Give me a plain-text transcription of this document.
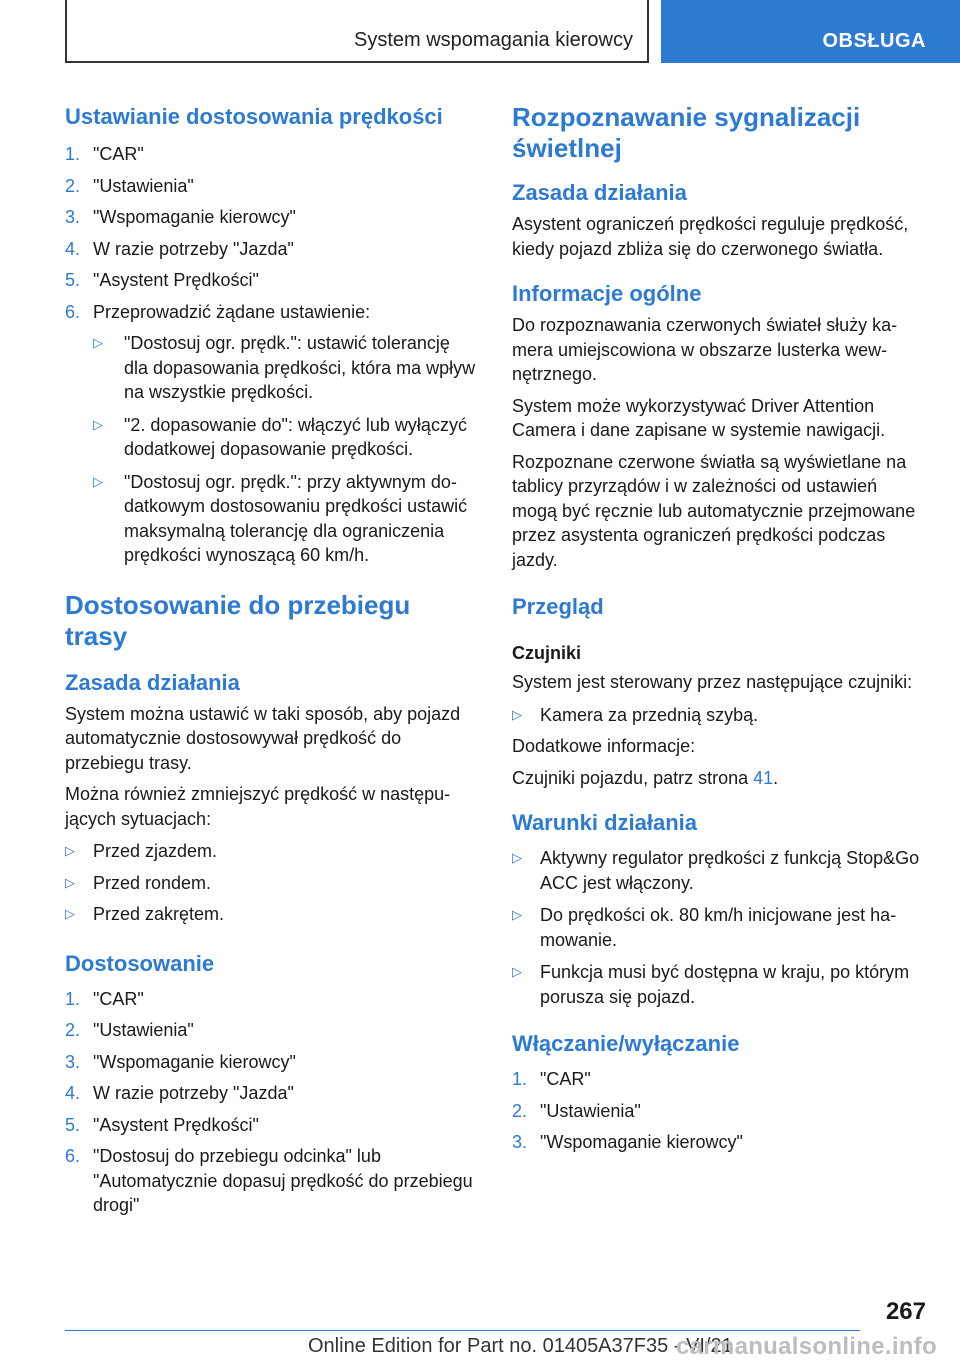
System wspomagania kierowcy	OBSŁUGA
Ustawianie dostosowania prędkości
1. "CAR"
2. "Ustawienia"
3. "Wspomaganie kierowcy"
4. W razie potrzeby "Jazda"
5. "Asystent Prędkości"
6. Przeprowadzić żądane ustawienie:
▷ "Dostosuj ogr. prędk.": ustawić tolerancję dla dopasowania prędkości, która ma wpływ na wszystkie prędkości.
▷ "2. dopasowanie do": włączyć lub wyłączyć dodatkowej dopasowanie prędkości.
▷ "Dostosuj ogr. prędk.": przy aktywnym dodatkowym dostosowaniu prędkości ustawić maksymalną tolerancję dla ograniczenia prędkości wynoszącą 60 km/h.
Dostosowanie do przebiegu trasy
Zasada działania

System można ustawić w taki sposób, aby pojazd automatycznie dostosowywał prędkość do przebiegu trasy.

Można również zmniejszyć prędkość w następujących sytuacjach:

▷ Przed zjazdem.
▷ Przed rondem.
▷ Przed zakrętem.
Dostosowanie
1. "CAR"
2. "Ustawienia"
3. "Wspomaganie kierowcy"
4. W razie potrzeby "Jazda"
5. "Asystent Prędkości"
6. "Dostosuj do przebiegu odcinka" lub "Automatycznie dopasuj prędkość do przebiegu drogi"
Rozpoznawanie sygnalizacji świetlnej
Zasada działania

Asystent ograniczeń prędkości reguluje prędkość, kiedy pojazd zbliża się do czerwonego światła.

Informacje ogólne

Do rozpoznawania czerwonych świateł służy kamera umiejscowiona w obszarze lusterka wewnętrznego.

System może wykorzystywać Driver Attention Camera i dane zapisane w systemie nawigacji.

Rozpoznane czerwone światła są wyświetlane na tablicy przyrządów i w zależności od ustawień mogą być ręcznie lub automatycznie przejmowane przez asystenta ograniczeń prędkości podczas jazdy.

Przegląd
Czujniki

System jest sterowany przez następujące czujniki:

▷ Kamera za przednią szybą.

Dodatkowe informacje:

Czujniki pojazdu, patrz strona 41.

Warunki działania
▷ Aktywny regulator prędkości z funkcją Stop&Go ACC jest włączony.
▷ Do prędkości ok. 80 km/h inicjowane jest hamowanie.
▷ Funkcja musi być dostępna w kraju, po którym porusza się pojazd.
Włączanie/wyłączanie
1. "CAR"
2. "Ustawienia"
3. "Wspomaganie kierowcy"
267
Online Edition for Part no. 01405A37F35 - VI/21
carmanualsonline.info
